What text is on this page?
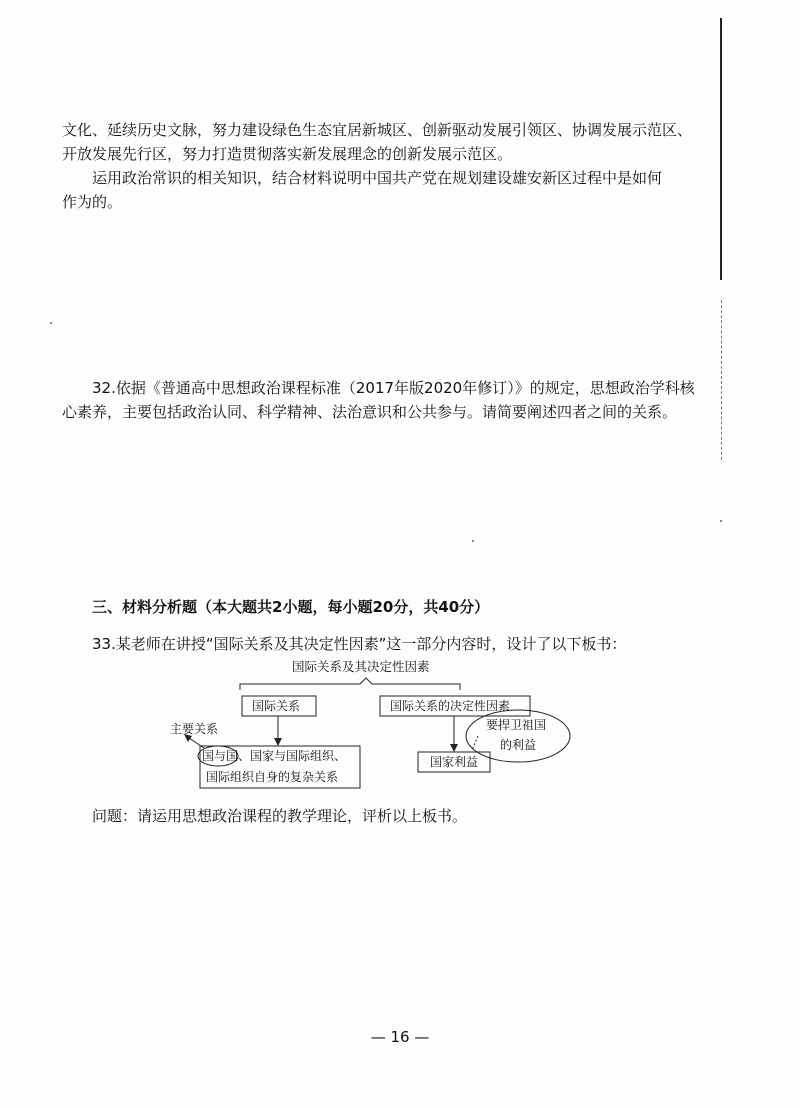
文化、延续历史文脉，努力建设绿色生态宜居新城区、创新驱动发展引领区、协调发展示范区、

开放发展先行区，努力打造贯彻落实新发展理念的创新发展示范区。

运用政治常识的相关知识，结合材料说明中国共产党在规划建设雄安新区过程中是如何

作为的。

32.依据《普通高中思想政治课程标准（2017年版2020年修订）》的规定，思想政治学科核

心素养，主要包括政治认同、科学精神、法治意识和公共参与。请简要阐述四者之间的关系。

三、材料分析题（本大题共2小题，每小题20分，共40分）

33.某老师在讲授“国际关系及其决定性因素”这一部分内容时，设计了以下板书：

国际关系及其决定性因素
国际关系	国际关系的决定性因素
主要关系
国与国 、国家与国际组织、
国际组织自身的复杂关系
国家利益
要捍卫祖国
的利益

问题：请运用思想政治课程的教学理论，评析以上板书。

— 16 —
